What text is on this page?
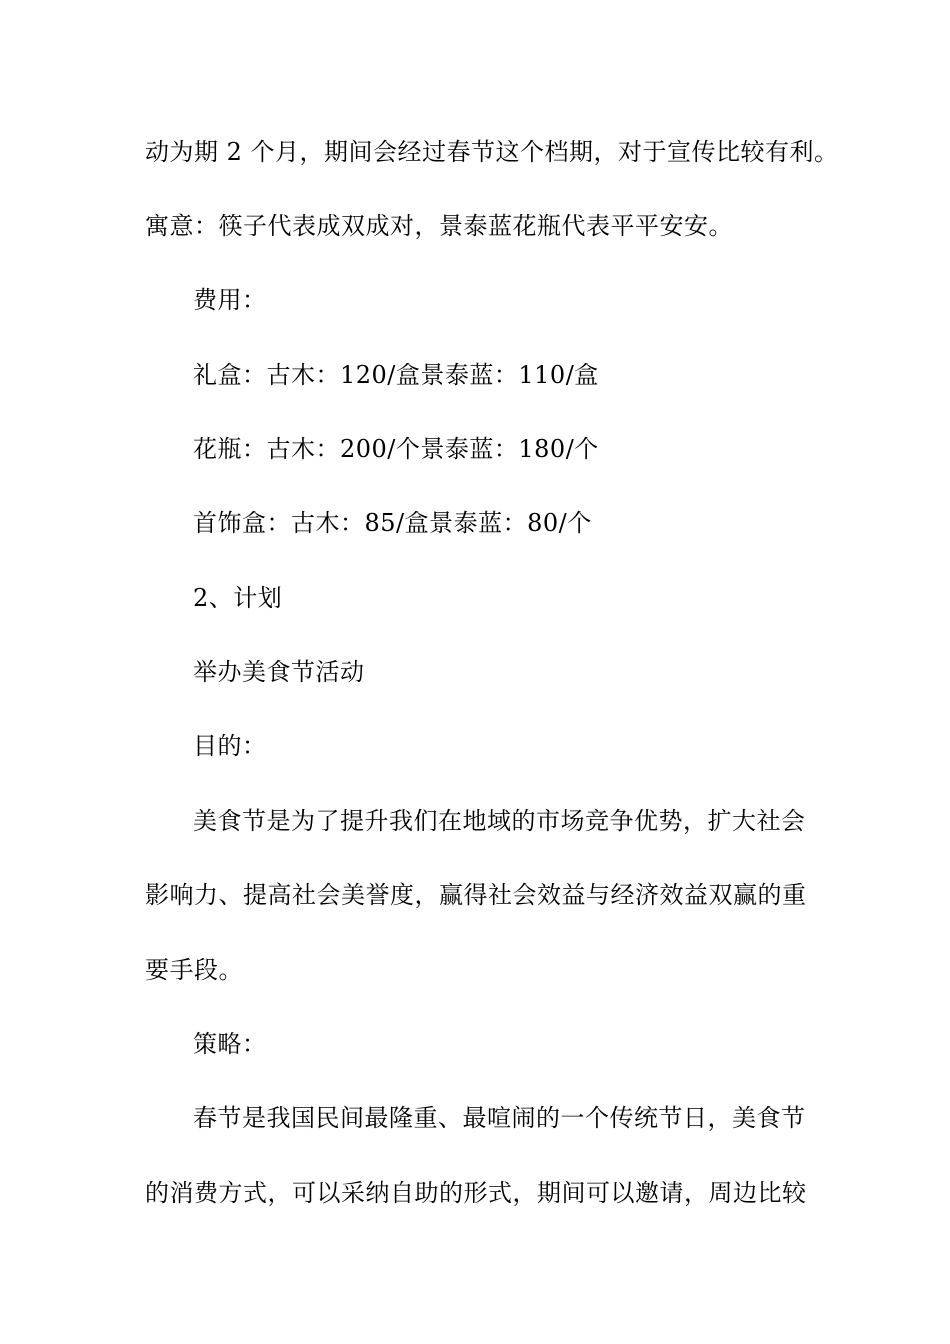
动为期 2 个月，期间会经过春节这个档期，对于宣传比较有利。
寓意：筷子代表成双成对，景泰蓝花瓶代表平平安安。
费用：
礼盒：古木：120/盒景泰蓝：110/盒
花瓶：古木：200/个景泰蓝：180/个
首饰盒：古木：85/盒景泰蓝：80/个
2、计划
举办美食节活动
目的：
美食节是为了提升我们在地域的市场竞争优势，扩大社会
影响力、提高社会美誉度，赢得社会效益与经济效益双赢的重
要手段。
策略：
春节是我国民间最隆重、最喧闹的一个传统节日，美食节
的消费方式，可以采纳自助的形式，期间可以邀请，周边比较
